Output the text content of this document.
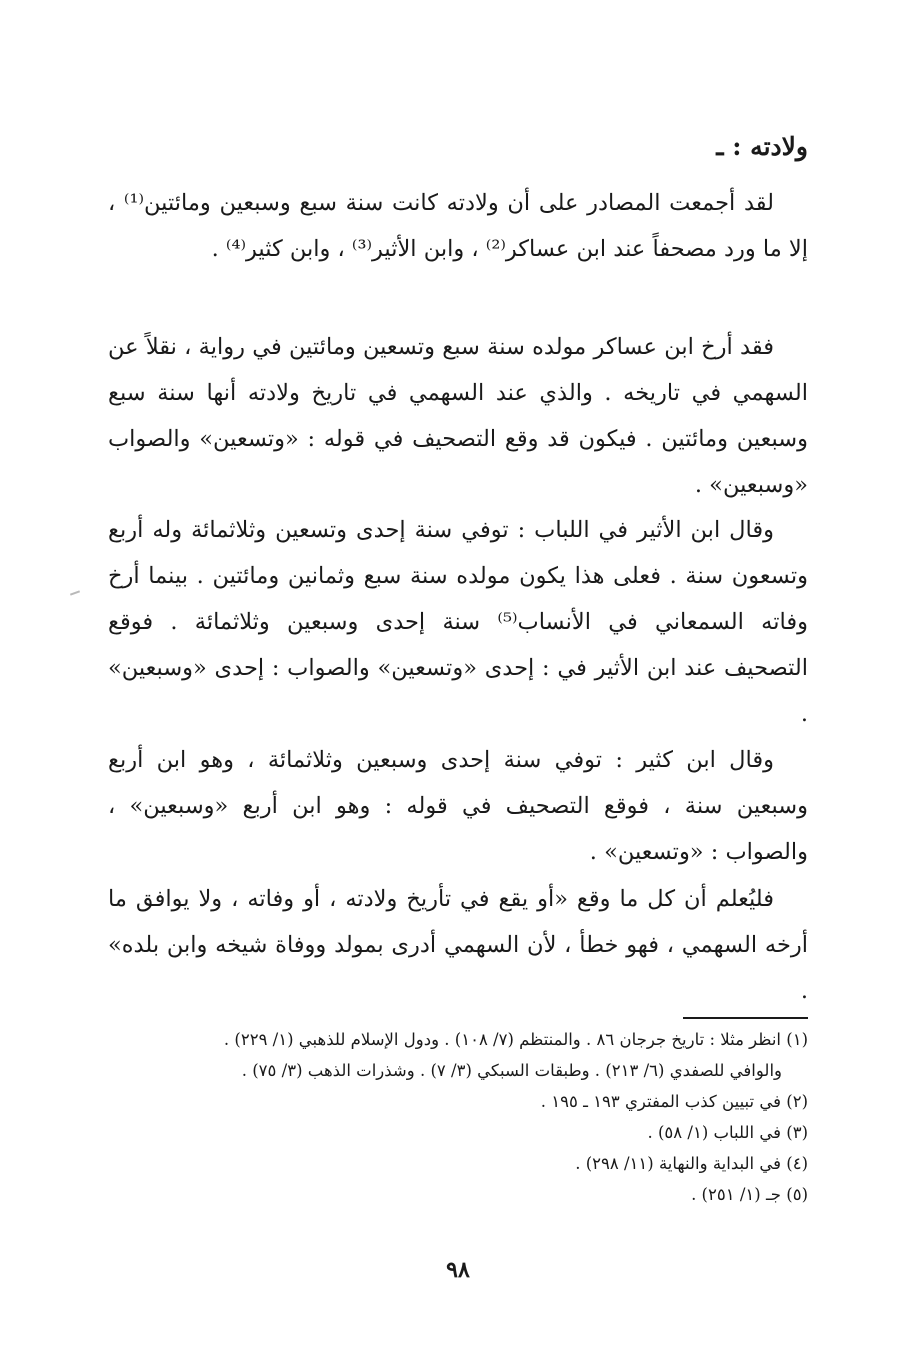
ولادته : ـ

لقد أجمعت المصادر على أن ولادته كانت سنة سبع وسبعين ومائتين⁽¹⁾ ، إلا ما ورد مصحفاً عند ابن عساكر⁽²⁾ ، وابن الأثير⁽³⁾ ، وابن كثير⁽⁴⁾ .

فقد أرخ ابن عساكر مولده سنة سبع وتسعين ومائتين في رواية ، نقلاً عن السهمي في تاريخه . والذي عند السهمي في تاريخ ولادته أنها سنة سبع وسبعين ومائتين . فيكون قد وقع التصحيف في قوله : «وتسعين» والصواب «وسبعين» .

وقال ابن الأثير في اللباب : توفي سنة إحدى وتسعين وثلاثمائة وله أربع وتسعون سنة . فعلى هذا يكون مولده سنة سبع وثمانين ومائتين . بينما أرخ وفاته السمعاني في الأنساب⁽⁵⁾ سنة إحدى وسبعين وثلاثمائة . فوقع التصحيف عند ابن الأثير في : إحدى «وتسعين» والصواب : إحدى «وسبعين» .

وقال ابن كثير : توفي سنة إحدى وسبعين وثلاثمائة ، وهو ابن أربع وسبعين سنة ، فوقع التصحيف في قوله : وهو ابن أربع «وسبعين» ، والصواب : «وتسعين» .

فليُعلم أن كل ما وقع «أو يقع في تأريخ ولادته ، أو وفاته ، ولا يوافق ما أرخه السهمي ، فهو خطأ ، لأن السهمي أدرى بمولد ووفاة شيخه وابن بلده» .

(١) انظر مثلا : تاريخ جرجان ٨٦ . والمنتظم (٧/ ١٠٨) . ودول الإسلام للذهبي (١/ ٢٢٩) .
والوافي للصفدي (٦/ ٢١٣) . وطبقات السبكي (٣/ ٧) . وشذرات الذهب (٣/ ٧٥) .
(٢) في تبيين كذب المفتري ١٩٣ ـ ١٩٥ .
(٣) في اللباب (١/ ٥٨) .
(٤) في البداية والنهاية (١١/ ٢٩٨) .
(٥) جـ (١/ ٢٥١) .
٩٨
